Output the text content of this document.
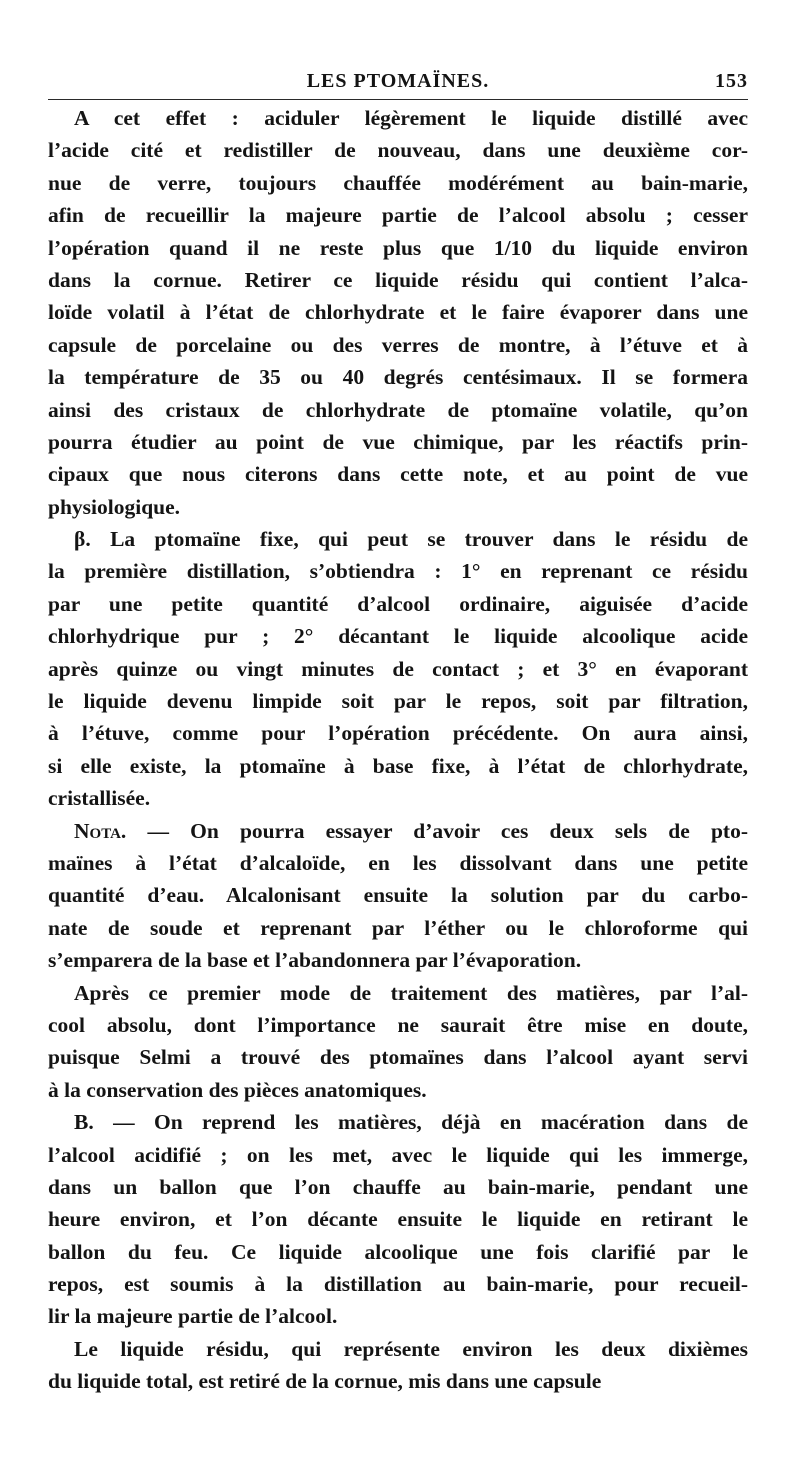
LES PTOMAÏNES.	153
A cet effet : aciduler légèrement le liquide distillé avec
l’acide cité et redistiller de nouveau, dans une deuxième cor-
nue de verre, toujours chauffée modérément au bain-marie,
afin de recueillir la majeure partie de l’alcool absolu ; cesser
l’opération quand il ne reste plus que 1/10 du liquide environ
dans la cornue. Retirer ce liquide résidu qui contient l’alca-
loïde volatil à l’état de chlorhydrate et le faire évaporer dans une
capsule de porcelaine ou des verres de montre, à l’étuve et à
la température de 35 ou 40 degrés centésimaux. Il se formera
ainsi des cristaux de chlorhydrate de ptomaïne volatile, qu’on
pourra étudier au point de vue chimique, par les réactifs prin-
cipaux que nous citerons dans cette note, et au point de vue
physiologique.
β. La ptomaïne fixe, qui peut se trouver dans le résidu de
la première distillation, s’obtiendra : 1° en reprenant ce résidu
par une petite quantité d’alcool ordinaire, aiguisée d’acide
chlorhydrique pur ; 2° décantant le liquide alcoolique acide
après quinze ou vingt minutes de contact ; et 3° en évaporant
le liquide devenu limpide soit par le repos, soit par filtration,
à l’étuve, comme pour l’opération précédente. On aura ainsi,
si elle existe, la ptomaïne à base fixe, à l’état de chlorhydrate,
cristallisée.
Nota. — On pourra essayer d’avoir ces deux sels de pto-
maïnes à l’état d’alcaloïde, en les dissolvant dans une petite
quantité d’eau. Alcalonisant ensuite la solution par du carbo-
nate de soude et reprenant par l’éther ou le chloroforme qui
s’emparera de la base et l’abandonnera par l’évaporation.
Après ce premier mode de traitement des matières, par l’al-
cool absolu, dont l’importance ne saurait être mise en doute,
puisque Selmi a trouvé des ptomaïnes dans l’alcool ayant servi
à la conservation des pièces anatomiques.
B. — On reprend les matières, déjà en macération dans de
l’alcool acidifié ; on les met, avec le liquide qui les immerge,
dans un ballon que l’on chauffe au bain-marie, pendant une
heure environ, et l’on décante ensuite le liquide en retirant le
ballon du feu. Ce liquide alcoolique une fois clarifié par le
repos, est soumis à la distillation au bain-marie, pour recueil-
lir la majeure partie de l’alcool.
Le liquide résidu, qui représente environ les deux dixièmes
du liquide total, est retiré de la cornue, mis dans une capsule
